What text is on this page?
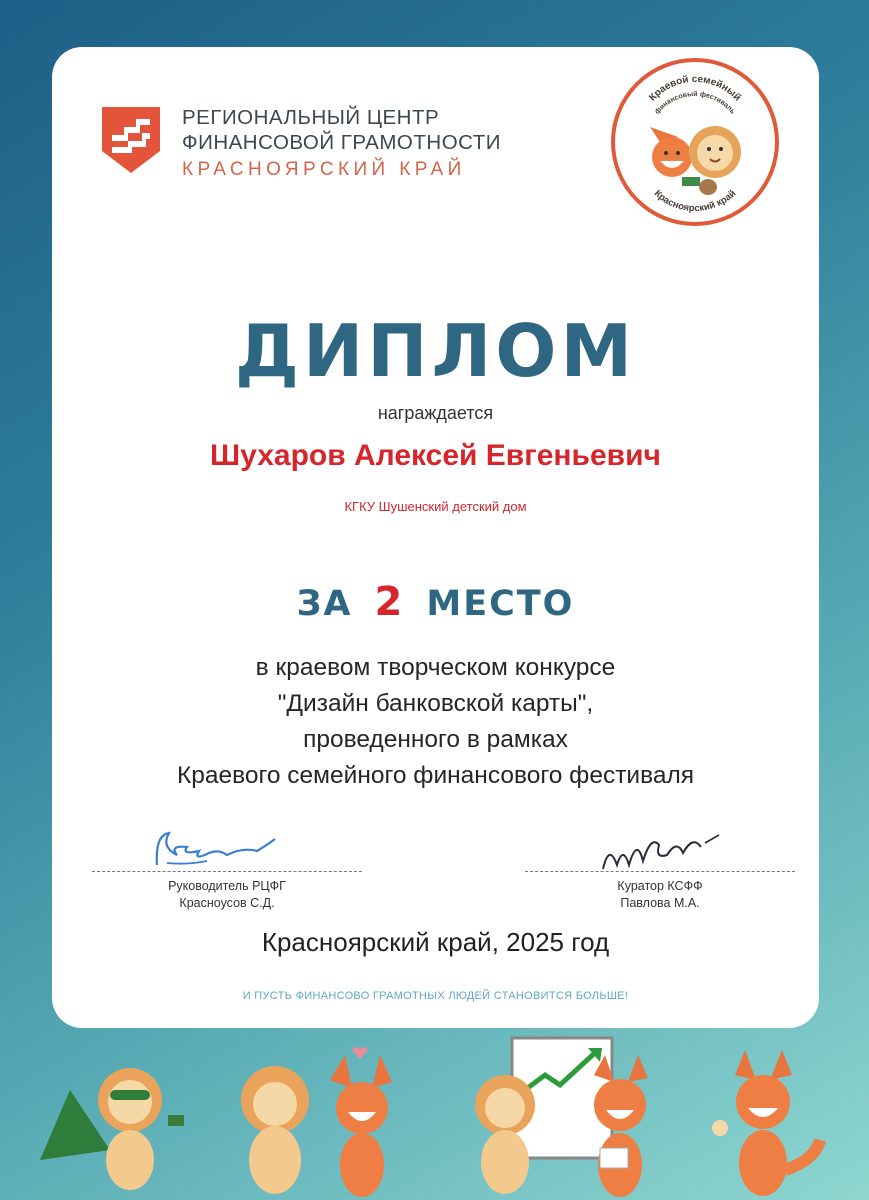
РЕГИОНАЛЬНЫЙ ЦЕНТР
ФИНАНСОВОЙ ГРАМОТНОСТИ
КРАСНОЯРСКИЙ КРАЙ
Краевой семейный
финансовый фестиваль
Красноярский край
ДИПЛОМ
награждается
Шухаров Алексей Евгеньевич
КГКУ Шушенский детский дом
ЗА 2 МЕСТО
в краевом творческом конкурсе
"Дизайн банковской карты",
проведенного в рамках
Краевого семейного финансового фестиваля
Руководитель РЦФГ
Красноусов С.Д.
Куратор КСФФ
Павлова М.А.
Красноярский край, 2025 год
И ПУСТЬ ФИНАНСОВО ГРАМОТНЫХ ЛЮДЕЙ СТАНОВИТСЯ БОЛЬШЕ!
